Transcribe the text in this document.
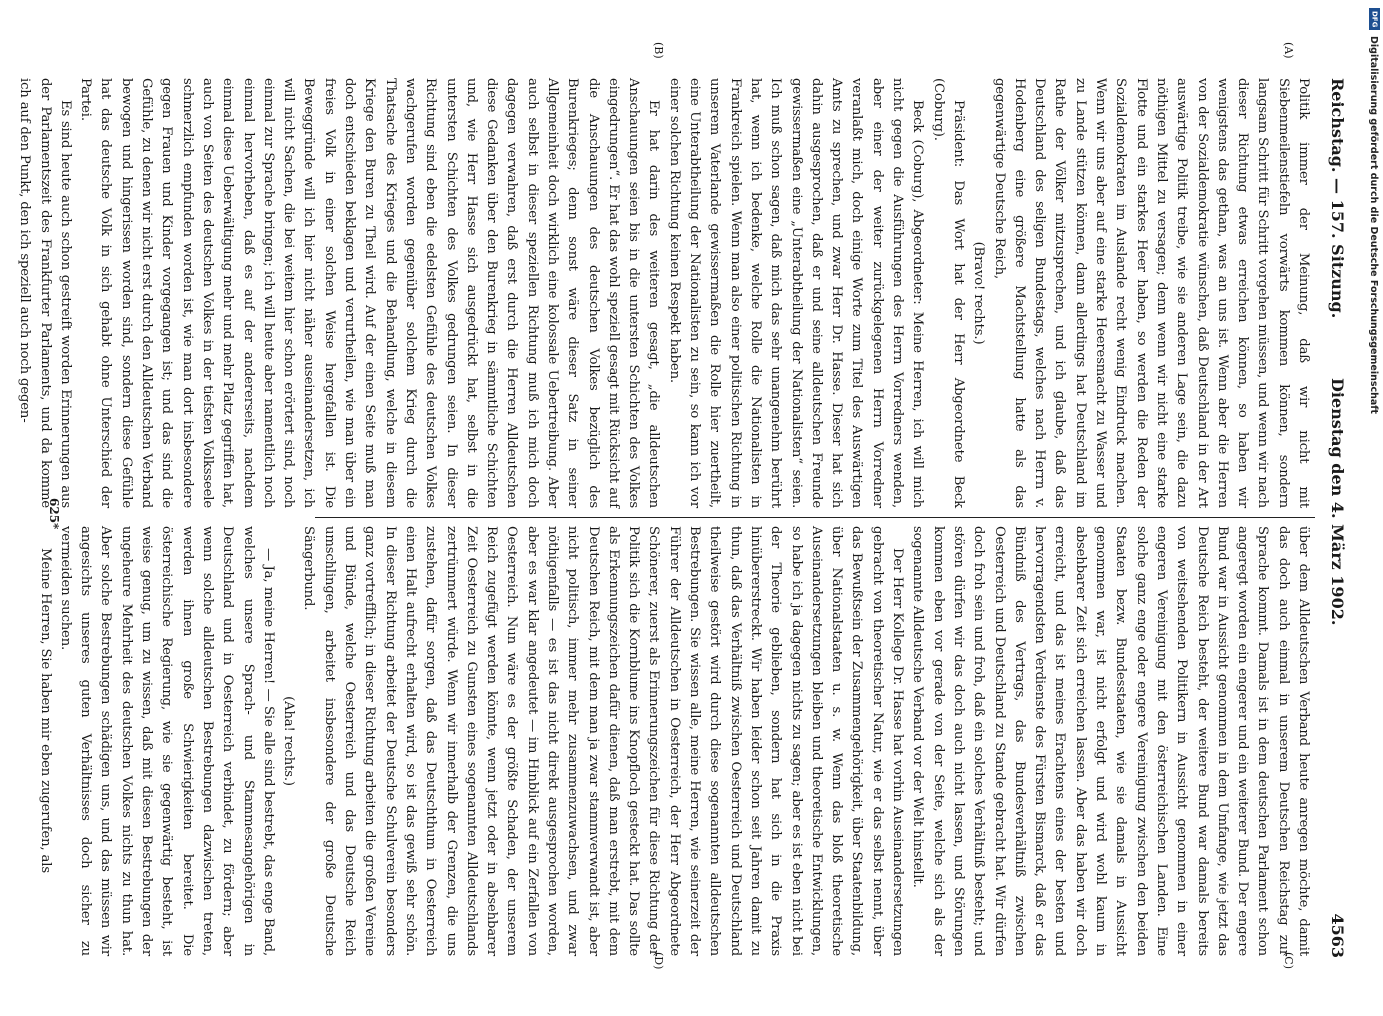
Reichstag. — 157. Sitzung.
Dienstag den 4. März 1902.
4563
(A)
(B)
(C)
(D)

Politik immer der Meinung, daß wir nicht mit Siebenmeilenstiefeln vorwärts kommen können, sondern langsam Schritt für Schritt vorgehen müssen, und wenn wir nach dieser Richtung etwas erreichen können, so haben wir wenigstens das gethan, was an uns ist. Wenn aber die Herren von der Sozialdemokratie wünschen, daß Deutschland in der Art auswärtige Politik treibe, wie sie anderen Lage sein, die dazu nöthigen Mittel zu versagen; denn wenn wir nicht eine starke Flotte und ein starkes Heer haben, so werden die Reden der Sozialdemokraten im Auslande recht wenig Eindruck machen. Wenn wir uns aber auf eine starke Heeresmacht zu Wasser und zu Lande stützen können, dann allerdings hat Deutschland im Rathe der Völker mitzusprechen, und ich glaube, daß das Deutschland des seligen Bundestags, welches nach Herrn v. Hodenberg eine größere Machtstellung hatte als das gegenwärtige Deutsche Reich,

(Bravo! rechts.)

Präsident: Das Wort hat der Herr Abgeordnete Beck (Coburg).

Beck (Coburg), Abgeordneter: Meine Herren, ich will mich nicht gegen die Ausführungen des Herrn Vorredners wenden, aber einer der weiter zurückgelegenen Herrn Vorredner veranlaßt mich, doch einige Worte zum Titel des Auswärtigen Amts zu sprechen, und zwar Herr Dr. Hasse. Dieser hat sich dahin ausgesprochen, daß er und seine alldeutschen Freunde gewissermaßen eine „Unterabtheilung der Nationalisten“ seien. Ich muß schon sagen, daß mich das sehr unangenehm berührt hat, wenn ich bedenke, welche Rolle die Nationalisten in Frankreich spielen. Wenn man also einer politischen Richtung in unserem Vaterlande gewissermaßen die Rolle hier zuertheilt, eine Unterabtheilung der Nationalisten zu sein, so kann ich vor einer solchen Richtung keinen Respekt haben.

Er hat darin des weiteren gesagt, „die alldeutschen Anschauungen seien bis in die untersten Schichten des Volkes eingedrungen“. Er hat das wohl speziell gesagt mit Rücksicht auf die Anschauungen des deutschen Volkes bezüglich des Burenkrieges; denn sonst wäre dieser Satz in seiner Allgemeinheit doch wirklich eine kolossale Uebertreibung. Aber auch selbst in dieser speziellen Richtung muß ich mich doch dagegen verwahren, daß erst durch die Herren Alldeutschen diese Gedanken über den Burenkrieg in sämmtliche Schichten und, wie Herr Hasse sich ausgedrückt hat, selbst in die untersten Schichten des Volkes gedrungen seien. In dieser Richtung sind eben die edelsten Gefühle des deutschen Volkes wachgerufen worden gegenüber solchem Krieg durch die Thatsache des Krieges und die Behandlung, welche in diesem Kriege den Buren zu Theil wird. Auf der einen Seite muß man doch entschieden beklagen und verurtheilen, wie man über ein freies Volk in einer solchen Weise hergefallen ist. Die Beweggründe will ich hier nicht näher auseinandersetzen, ich will nicht Sachen, die bei weitem hier schon erörtert sind, noch einmal zur Sprache bringen; ich will heute aber namentlich noch einmal hervorheben, daß es auf der andererseits, nachdem einmal diese Ueberwältigung mehr und mehr Platz gegriffen hat, auch von Seiten des deutschen Volkes in der tiefsten Volksseele schmerzlich empfunden worden ist, wie man dort insbesondere gegen Frauen und Kinder vorgegangen ist; und das sind die Gefühle, zu denen wir nicht erst durch den Alldeutschen Verband bewogen und hingerissen worden sind, sondern diese Gefühle hat das deutsche Volk in sich gehabt ohne Unterschied der Partei.

Es sind heute auch schon gestreift worden Erinnerungen aus der Parlamentszeit des Frankfurter Parlaments, und da komme ich auf den Punkt, den ich speziell auch noch gegen-

über dem Alldeutschen Verband heute anregen möchte, damit das doch auch einmal in unserem Deutschen Reichstag zur Sprache kommt. Damals ist in dem deutschen Parlament schon angeregt worden ein engerer und ein weiterer Bund. Der engere Bund war in Aussicht genommen in dem Umfange, wie jetzt das Deutsche Reich besteht, der weitere Bund war damals bereits von weitsehenden Politikern in Aussicht genommen in einer engeren Vereinigung mit den österreichischen Landen. Eine solche ganz enge oder engere Vereinigung zwischen den beiden Staaten bezw. Bundesstaaten, wie sie damals in Aussicht genommen war, ist nicht erfolgt und wird wohl kaum in absehbarer Zeit sich erreichen lassen. Aber das haben wir doch erreicht, und das ist meines Erachtens eines der besten und hervorragendsten Verdienste des Fürsten Bismarck, daß er das Bündniß des Vertrags, das Bundesverhältniß zwischen Oesterreich und Deutschland zu Stande gebracht hat. Wir dürfen doch froh sein und froh, daß ein solches Verhältniß besteht; und stören dürfen wir das doch auch nicht lassen, und Störungen kommen eben vor gerade von der Seite, welche sich als der sogenannte Alldeutsche Verband vor der Welt hinstellt.

Der Herr Kollege Dr. Hasse hat vorhin Auseinandersetzungen gebracht von theoretischer Natur, wie er das selbst nennt, über das Bewußtsein der Zusammengehörigkeit, über Staatenbildung, über Nationalstaaten u. s. w. Wenn das bloß theoretische Auseinandersetzungen bleiben und theoretische Entwicklungen, so habe ich ja dagegen nichts zu sagen; aber es ist eben nicht bei der Theorie geblieben, sondern hat sich in die Praxis hinübererstreckt. Wir haben leider schon seit Jahren damit zu thun, daß das Verhältniß zwischen Oesterreich und Deutschland theilweise gestört wird durch diese sogenannten alldeutschen Bestrebungen. Sie wissen alle, meine Herren, wie seinerzeit der Führer der Alldeutschen in Oesterreich, der Herr Abgeordnete Schönerer, zuerst als Erinnerungszeichen für diese Richtung der Politik sich die Kornblume ins Knopfloch gesteckt hat. Das sollte als Erkennungszeichen dafür dienen, daß man erstrebt, mit dem Deutschen Reich, mit dem man ja zwar stammverwandt ist, aber nicht politisch, immer mehr zusammenzuwachsen, und zwar nöthigenfalls — es ist das nicht direkt ausgesprochen worden, aber es war klar angedeutet — im Hinblick auf ein Zerfallen von Oesterreich. Nun wäre es der größte Schaden, der unserem Reich zugefügt werden könnte, wenn jetzt oder in absehbarer Zeit Oesterreich zu Gunsten eines sogenannten Alldeutschlands zertrümmert würde. Wenn wir innerhalb der Grenzen, die uns zustehen, dafür sorgen, daß das Deutschthum in Oesterreich einen Halt aufrecht erhalten wird, so ist das gewiß sehr schön. In dieser Richtung arbeitet der Deutsche Schulverein besonders ganz vortrefflich; in dieser Richtung arbeiten die großen Vereine und Bünde, welche Oesterreich und das Deutsche Reich umschlingen, arbeitet insbesondere der große Deutsche Sängerbund.

(Aha! rechts.)

— Ja, meine Herren! — Sie alle sind bestrebt, das enge Band, welches unsere Sprach- und Stammesangehörigen in Deutschland und in Oesterreich verbindet, zu fördern; aber wenn solche alldeutschen Bestrebungen dazwischen treten, werden ihnen große Schwierigkeiten bereitet. Die österreichische Regierung, wie sie gegenwärtig besteht, ist weise genug, um zu wissen, daß mit diesen Bestrebungen der ungeheure Mehrheit des deutschen Volkes nichts zu thun hat. Aber solche Bestrebungen schädigen uns, und das müssen wir angesichts unseres guten Verhältnisses doch sicher zu vermeiden suchen.

Meine Herren, Sie haben mir eben zugerufen, als

625*
DFG
Digitalisierung gefördert durch die Deutsche Forschungsgemeinschaft
